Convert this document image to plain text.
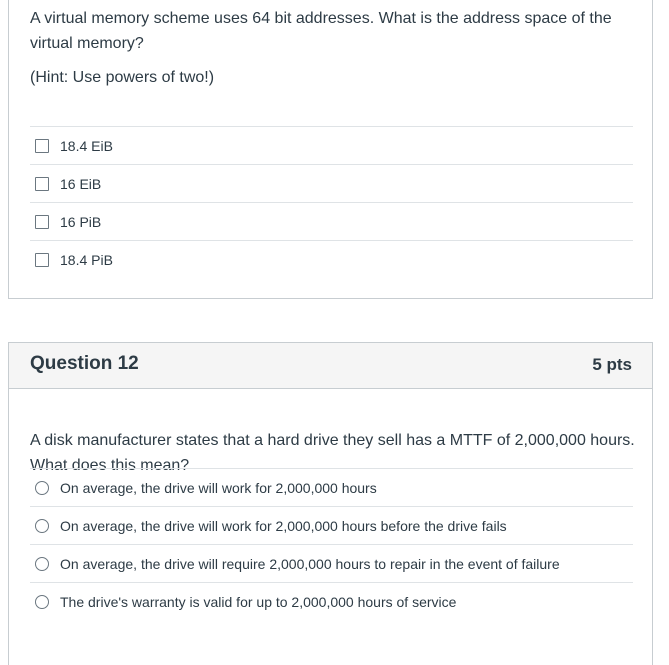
A virtual memory scheme uses 64 bit addresses. What is the address space of the virtual memory?
(Hint: Use powers of two!)
18.4 EiB
16 EiB
16 PiB
18.4 PiB
Question 12	5 pts
A disk manufacturer states that a hard drive they sell has a MTTF of 2,000,000 hours. What does this mean?
On average, the drive will work for 2,000,000 hours
On average, the drive will work for 2,000,000 hours before the drive fails
On average, the drive will require 2,000,000 hours to repair in the event of failure
The drive's warranty is valid for up to 2,000,000 hours of service
